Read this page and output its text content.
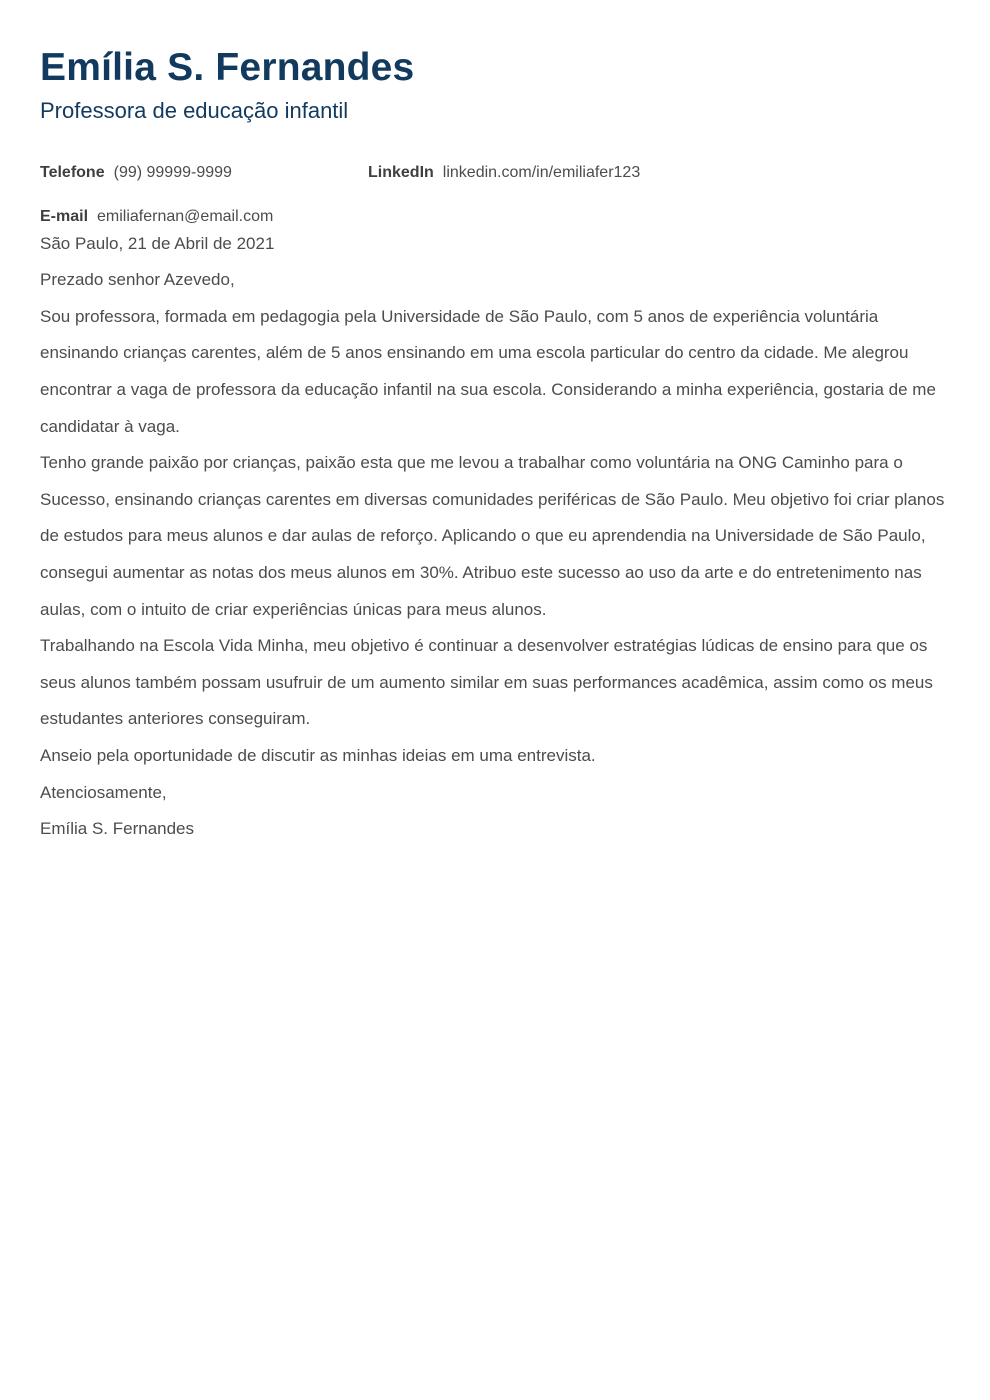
Emília S. Fernandes
Professora de educação infantil
Telefone (99) 99999-9999	LinkedIn linkedin.com/in/emiliafer123
E-mail emiliafernan@email.com

São Paulo, 21 de Abril de 2021

Prezado senhor Azevedo,

Sou professora, formada em pedagogia pela Universidade de São Paulo, com 5 anos de experiência voluntária ensinando crianças carentes, além de 5 anos ensinando em uma escola particular do centro da cidade. Me alegrou encontrar a vaga de professora da educação infantil na sua escola. Considerando a minha experiência, gostaria de me candidatar à vaga.

Tenho grande paixão por crianças, paixão esta que me levou a trabalhar como voluntária na ONG Caminho para o Sucesso, ensinando crianças carentes em diversas comunidades periféricas de São Paulo. Meu objetivo foi criar planos de estudos para meus alunos e dar aulas de reforço. Aplicando o que eu aprendendia na Universidade de São Paulo, consegui aumentar as notas dos meus alunos em 30%. Atribuo este sucesso ao uso da arte e do entretenimento nas aulas, com o intuito de criar experiências únicas para meus alunos.

Trabalhando na Escola Vida Minha, meu objetivo é continuar a desenvolver estratégias lúdicas de ensino para que os seus alunos também possam usufruir de um aumento similar em suas performances acadêmica, assim como os meus estudantes anteriores conseguiram.

Anseio pela oportunidade de discutir as minhas ideias em uma entrevista.

Atenciosamente,

Emília S. Fernandes
